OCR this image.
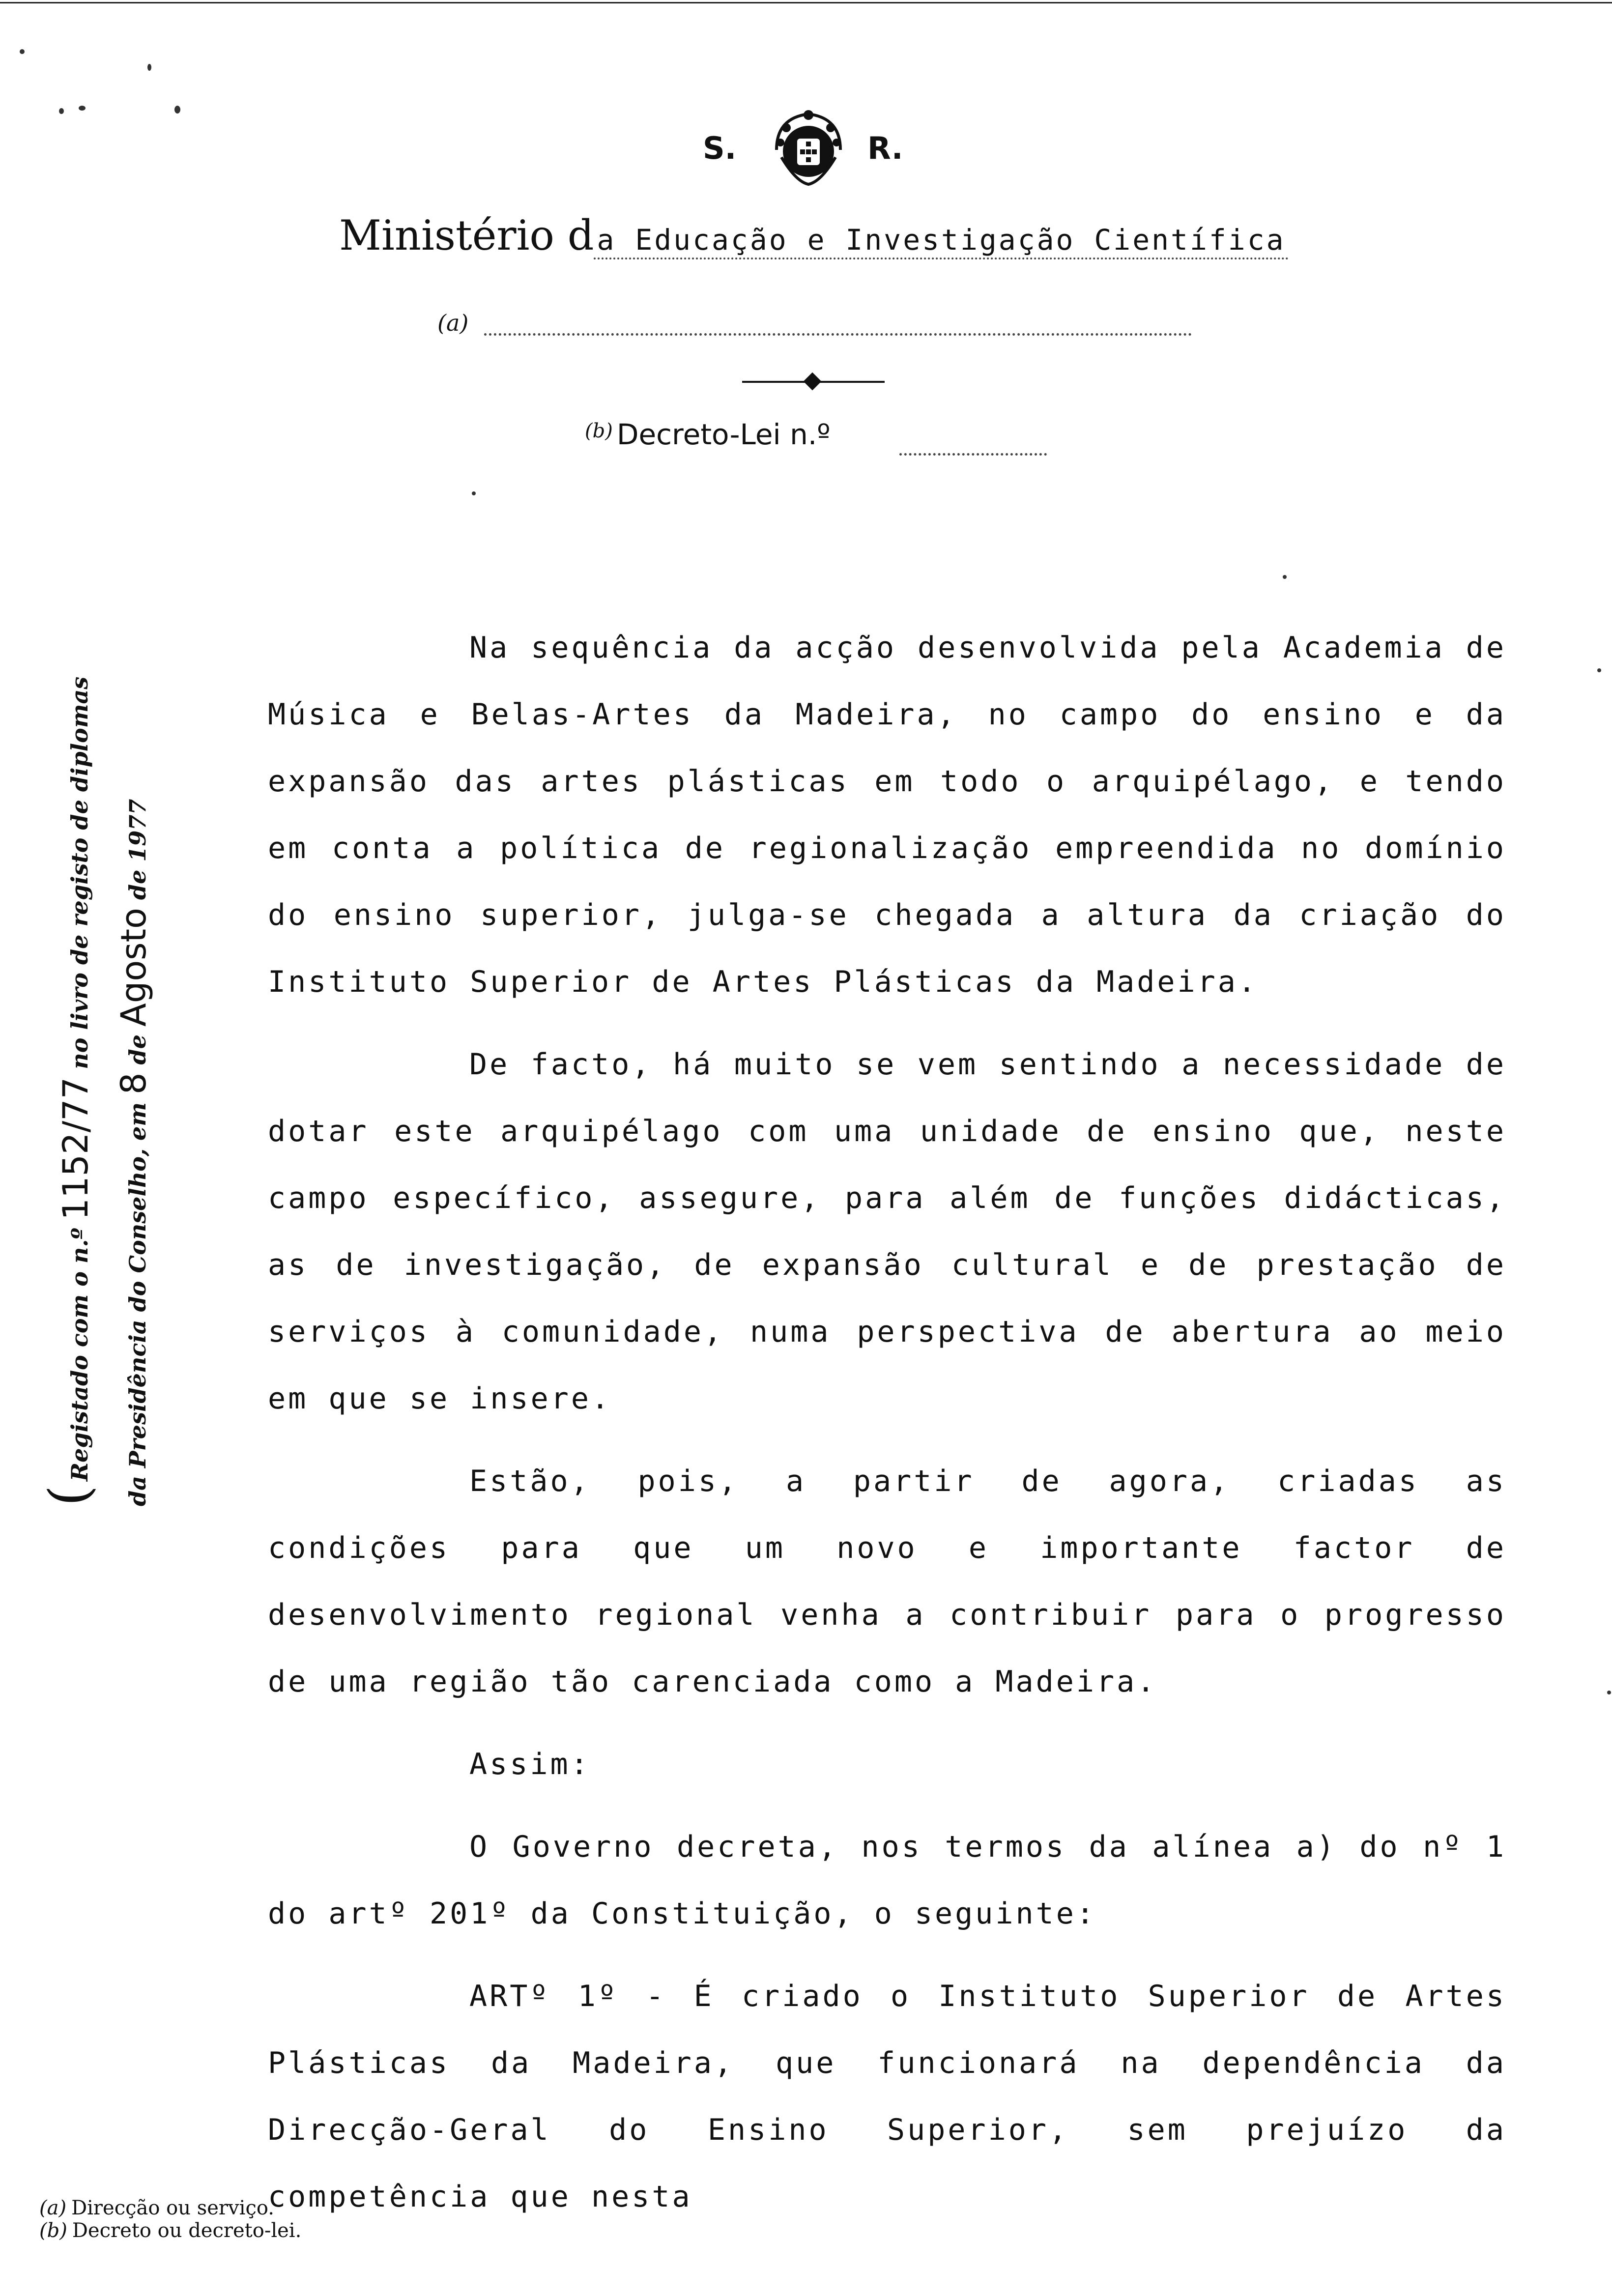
S.	R.
Ministério d a Educação e Investigação Científica
(a)
$^{(b)}$ Decreto-Lei n.º
(Registado com o n.º 1152/77 no livro de registo de diplomas
da Presidência do Conselho, em 8 de Agosto de 1977

Na sequência da acção desenvolvida pela Academia de Música e Belas-Artes da Madeira, no campo do ensino e da expansão das artes plásticas em todo o arquipélago, e tendo em conta a política de regionalização empreendida no domínio do ensino superior, julga-se chegada a altura da criação do Instituto Superior de Artes Plásticas da Madeira.

De facto, há muito se vem sentindo a necessidade de dotar este arquipélago com uma unidade de ensino que, neste campo específico, assegure, para além de funções didácticas, as de investigação, de expansão cultural e de prestação de serviços à comunidade, numa perspectiva de abertura ao meio em que se insere.

Estão, pois, a partir de agora, criadas as condições para que um novo e importante factor de desenvolvimento regional venha a contribuir para o progresso de uma região tão carenciada como a Madeira.

Assim:

O Governo decreta, nos termos da alínea a) do nº 1 do artº 201º da Constituição, o seguinte:

ARTº 1º - É criado o Instituto Superior de Artes Plásticas da Madeira, que funcionará na dependência da Direcção-Geral do Ensino Superior, sem prejuízo da competência que nesta

(a) Direcção ou serviço.
(b) Decreto ou decreto-lei.
